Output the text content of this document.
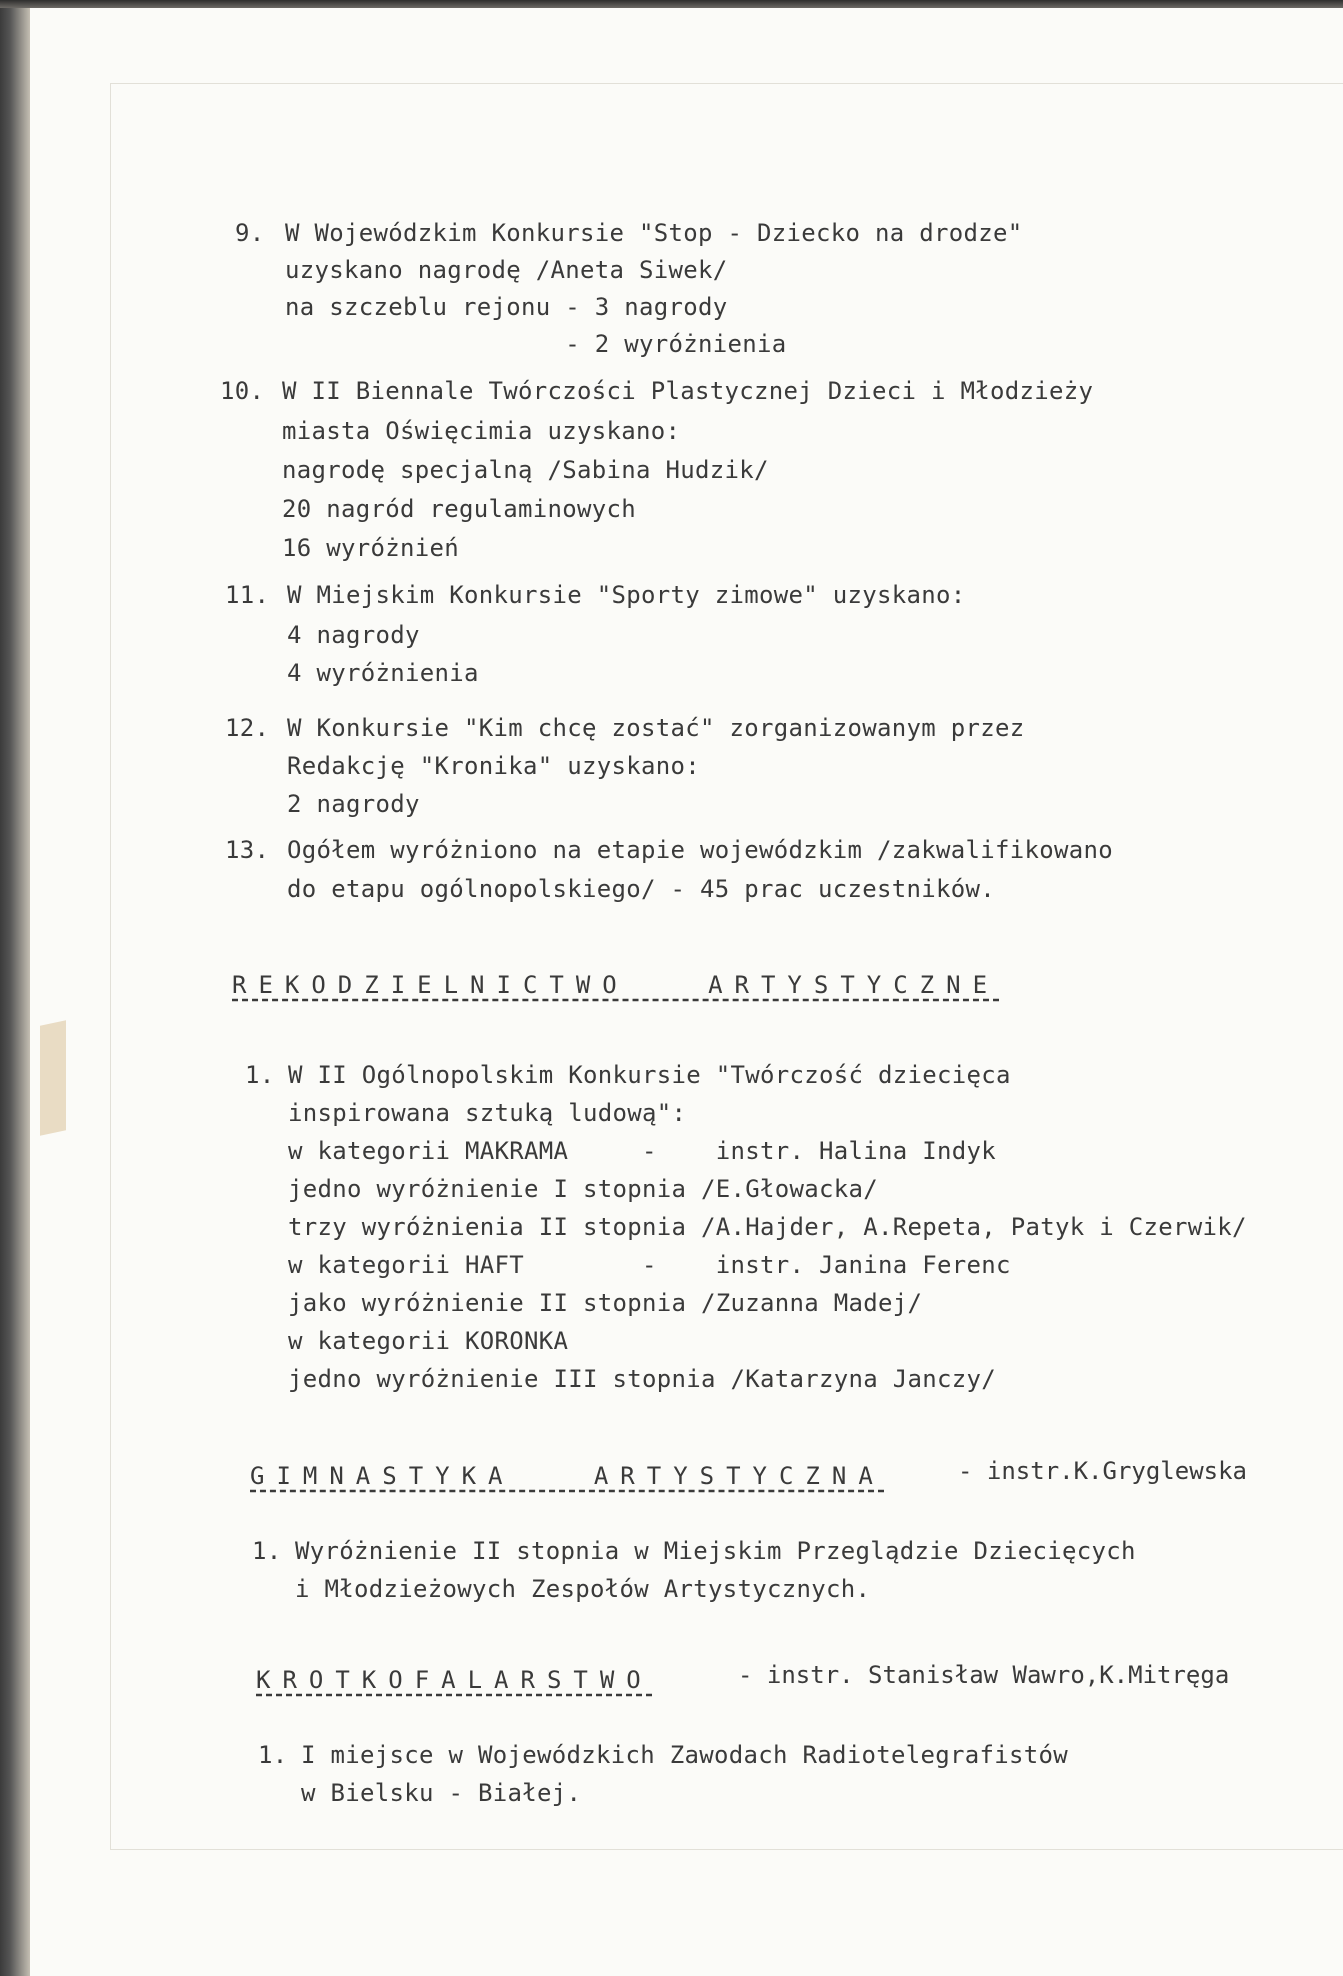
9. W Wojewódzkim Konkursie "Stop - Dziecko na drodze"
uzyskano nagrodę /Aneta Siwek/
na szczeblu rejonu - 3 nagrody
- 2 wyróżnienia
10. W II Biennale Twórczości Plastycznej Dzieci i Młodzieży
miasta Oświęcimia uzyskano:
nagrodę specjalną /Sabina Hudzik/
20 nagród regulaminowych
16 wyróżnień
11. W Miejskim Konkursie "Sporty zimowe" uzyskano:
4 nagrody
4 wyróżnienia
12. W Konkursie "Kim chcę zostać" zorganizowanym przez
Redakcję "Kronika" uzyskano:
2 nagrody
13. Ogółem wyróżniono na etapie wojewódzkim /zakwalifikowano
do etapu ogólnopolskiego/ - 45 prac uczestników.
REKODZIELNICTWO   ARTYSTYCZNE
1. W II Ogólnopolskim Konkursie "Twórczość dziecięca
inspirowana sztuką ludową":
w kategorii MAKRAMA     -    instr. Halina Indyk
jedno wyróżnienie I stopnia /E.Głowacka/
trzy wyróżnienia II stopnia /A.Hajder, A.Repeta, Patyk i Czerwik/
w kategorii HAFT        -    instr. Janina Ferenc
jako wyróżnienie II stopnia /Zuzanna Madej/
w kategorii KORONKA
jedno wyróżnienie III stopnia /Katarzyna Janczy/
GIMNASTYKA   ARTYSTYCZNA	- instr.K.Gryglewska
1. Wyróżnienie II stopnia w Miejskim Przeglądzie Dziecięcych
i Młodzieżowych Zespołów Artystycznych.
KROTKOFALARSTWO	- instr. Stanisław Wawro,K.Mitręga
1. I miejsce w Wojewódzkich Zawodach Radiotelegrafistów
w Bielsku - Białej.
